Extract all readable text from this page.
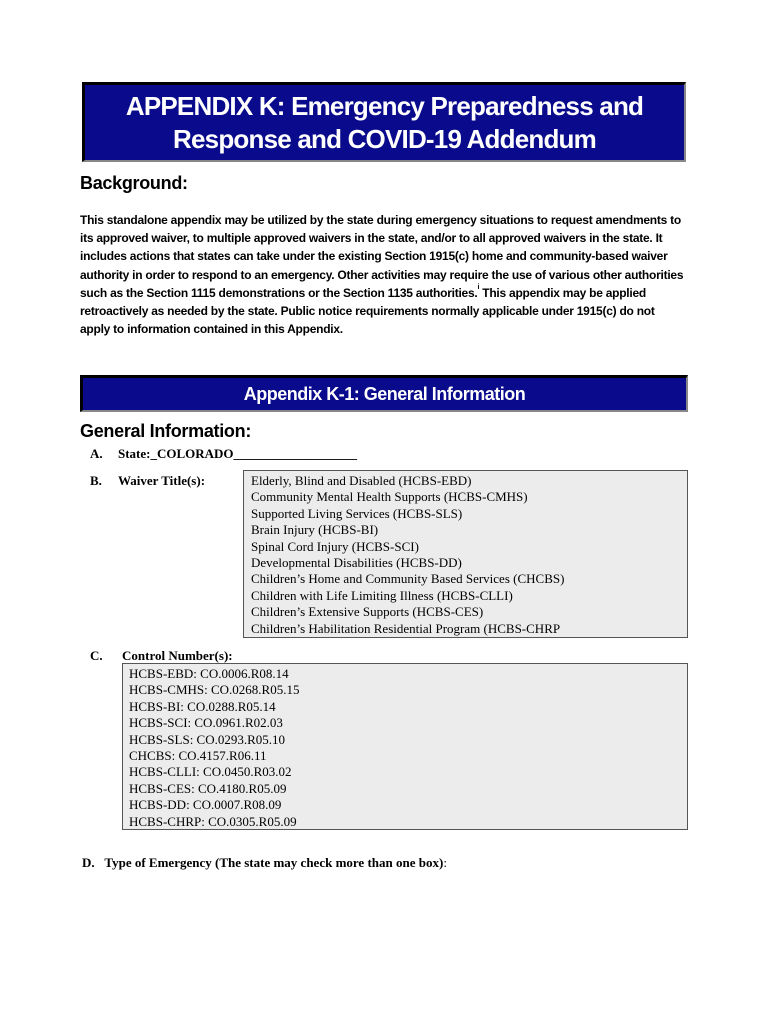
APPENDIX K: Emergency Preparedness and
Response and COVID-19 Addendum
Background:

This standalone appendix may be utilized by the state during emergency situations to request amendments to its approved waiver, to multiple approved waivers in the state, and/or to all approved waivers in the state. It includes actions that states can take under the existing Section 1915(c) home and community-based waiver authority in order to respond to an emergency. Other activities may require the use of various other authorities such as the Section 1115 demonstrations or the Section 1135 authorities.$^i$ This appendix may be applied retroactively as needed by the state. Public notice requirements normally applicable under 1915(c) do not apply to information contained in this Appendix.

Appendix K-1: General Information
General Information:
A. State:_COLORADO___________________
B. Waiver Title(s):	Elderly, Blind and Disabled (HCBS-EBD)
Community Mental Health Supports (HCBS-CMHS)
Supported Living Services (HCBS-SLS)
Brain Injury (HCBS-BI)
Spinal Cord Injury (HCBS-SCI)
Developmental Disabilities (HCBS-DD)
Children’s Home and Community Based Services (CHCBS)
Children with Life Limiting Illness (HCBS-CLLI)
Children’s Extensive Supports (HCBS-CES)
Children’s Habilitation Residential Program (HCBS-CHRP
C. Control Number(s):
HCBS-EBD: CO.0006.R08.14
HCBS-CMHS: CO.0268.R05.15
HCBS-BI: CO.0288.R05.14
HCBS-SCI: CO.0961.R02.03
HCBS-SLS: CO.0293.R05.10
CHCBS: CO.4157.R06.11
HCBS-CLLI: CO.0450.R03.02
HCBS-CES: CO.4180.R05.09
HCBS-DD: CO.0007.R08.09
HCBS-CHRP: CO.0305.R05.09
D. Type of Emergency (The state may check more than one box):
